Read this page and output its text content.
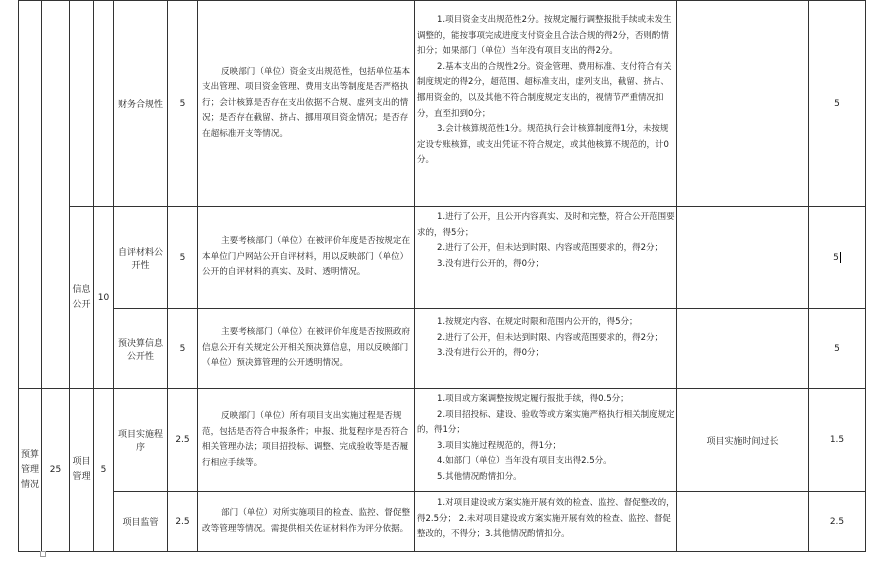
				财务合规性	5	反映部门（单位）资金支出规范性，包括单位基本支出管理、项目资金管理、费用支出等制度是否严格执行；会计核算是否存在支出依据不合规、虚列支出的情况；是否存在截留、挤占、挪用项目资金情况；是否存在超标准开支等情况。	1.项目资金支出规范性2分。按规定履行调整报批手续或未发生调整的，能按事项完成进度支付资金且合法合规的得2分，否则酌情扣分；如果部门（单位）当年没有项目支出的得2分。
2.基本支出的合规性2分。资金管理、费用标准、支付符合有关制度规定的得2分，超范围、超标准支出，虚列支出，截留、挤占、挪用资金的，以及其他不符合制度规定支出的，视情节严重情况扣分，直至扣到0分；
3.会计核算规范性1分。规范执行会计核算制度得1分，未按规定设专账核算，或支出凭证不符合规定，或其他核算不规范的，计0分。		5
		信息公开	10	自评材料公开性	5	主要考核部门（单位）在被评价年度是否按规定在本单位门户网站公开自评材料，用以反映部门（单位）公开的自评材料的真实、及时、透明情况。	1.进行了公开，且公开内容真实、及时和完整，符合公开范围要求的，得5分；
2.进行了公开，但未达到时限、内容或范围要求的，得2分；
3.没有进行公开的，得0分；		5
				预决算信息公开性	5	主要考核部门（单位）在被评价年度是否按照政府信息公开有关规定公开相关预决算信息，用以反映部门（单位）预决算管理的公开透明情况。	1.按规定内容、在规定时限和范围内公开的，得5分；
2.进行了公开，但未达到时限、内容或范围要求的，得2分；
3.没有进行公开的，得0分；		5
预算管理情况	25	项目管理	5	项目实施程序	2.5	反映部门（单位）所有项目支出实施过程是否规范，包括是否符合申报条件；申报、批复程序是否符合相关管理办法；项目招投标、调整、完成验收等是否履行相应手续等。	1.项目或方案调整按规定履行报批手续，得0.5分；
2.项目招投标、建设、验收等或方案实施严格执行相关制度规定的，得1分；
3.项目实施过程规范的，得1分；
4.如部门（单位）当年没有项目支出得2.5分。
5.其他情况酌情扣分。	项目实施时间过长	1.5
				项目监管	2.5	部门（单位）对所实施项目的检查、监控、督促整改等管理等情况。需提供相关佐证材料作为评分依据。	1.对项目建设或方案实施开展有效的检查、监控、督促整改的，得2.5分； 2.未对项目建设或方案实施开展有效的检查、监控、督促整改的，不得分；3.其他情况酌情扣分。		2.5
